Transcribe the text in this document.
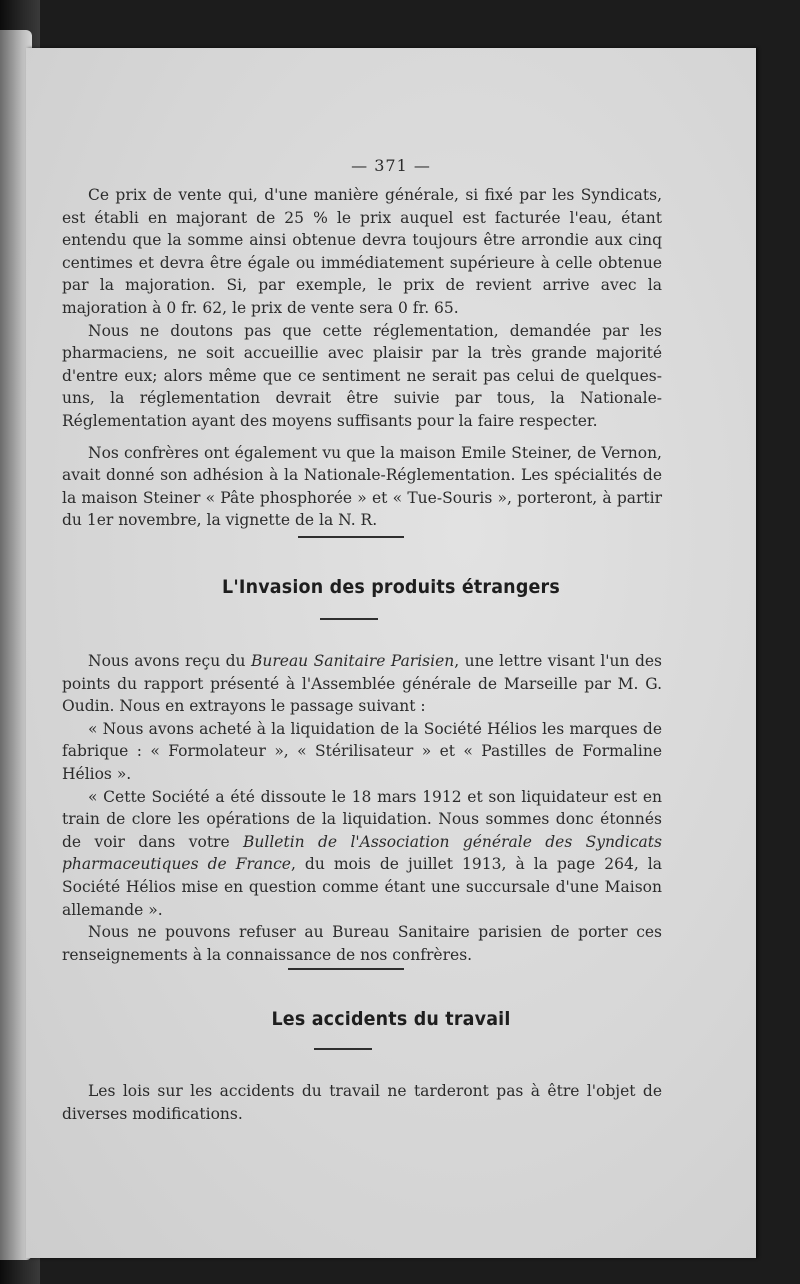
— 371 —

Ce prix de vente qui, d'une manière générale, si fixé par les Syndicats, est établi en majorant de 25 % le prix auquel est facturée l'eau, étant entendu que la somme ainsi obtenue devra toujours être arrondie aux cinq centimes et devra être égale ou immédiatement supérieure à celle obtenue par la majoration. Si, par exemple, le prix de revient arrive avec la majoration à 0 fr. 62, le prix de vente sera 0 fr. 65.

Nous ne doutons pas que cette réglementation, demandée par les pharmaciens, ne soit accueillie avec plaisir par la très grande majorité d'entre eux; alors même que ce sentiment ne serait pas celui de quelques-uns, la réglementation devrait être suivie par tous, la Nationale-Réglementation ayant des moyens suffisants pour la faire respecter.

Nos confrères ont également vu que la maison Emile Steiner, de Vernon, avait donné son adhésion à la Nationale-Réglementation. Les spécialités de la maison Steiner « Pâte phosphorée » et « Tue-Souris », porteront, à partir du 1er novembre, la vignette de la N. R.

L'Invasion des produits étrangers

Nous avons reçu du Bureau Sanitaire Parisien, une lettre visant l'un des points du rapport présenté à l'Assemblée générale de Marseille par M. G. Oudin. Nous en extrayons le passage suivant :

« Nous avons acheté à la liquidation de la Société Hélios les marques de fabrique : « Formolateur », « Stérilisateur » et « Pastilles de Formaline Hélios ».

« Cette Société a été dissoute le 18 mars 1912 et son liquidateur est en train de clore les opérations de la liquidation. Nous sommes donc étonnés de voir dans votre Bulletin de l'Association générale des Syndicats pharmaceutiques de France, du mois de juillet 1913, à la page 264, la Société Hélios mise en question comme étant une succursale d'une Maison allemande ».

Nous ne pouvons refuser au Bureau Sanitaire parisien de porter ces renseignements à la connaissance de nos confrères.

Les accidents du travail

Les lois sur les accidents du travail ne tarderont pas à être l'objet de diverses modifications.
